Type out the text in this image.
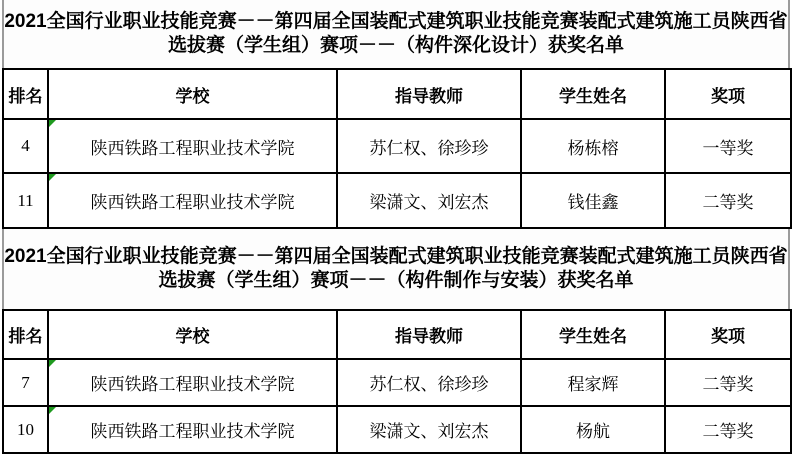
2021全国行业职业技能竞赛－－第四届全国装配式建筑职业技能竞赛装配式建筑施工员陕西省
选拔赛（学生组）赛项－－（构件深化设计）获奖名单
排名	学校	指导教师	学生姓名	奖项
4	陕西铁路工程职业技术学院	苏仁权、徐珍珍	杨栋榕	一等奖
11	陕西铁路工程职业技术学院	梁潇文、刘宏杰	钱佳鑫	二等奖
2021全国行业职业技能竞赛－－第四届全国装配式建筑职业技能竞赛装配式建筑施工员陕西省
选拔赛（学生组）赛项－－（构件制作与安装）获奖名单
排名	学校	指导教师	学生姓名	奖项
7	陕西铁路工程职业技术学院	苏仁权、徐珍珍	程家辉	二等奖
10	陕西铁路工程职业技术学院	梁潇文、刘宏杰	杨航	二等奖
